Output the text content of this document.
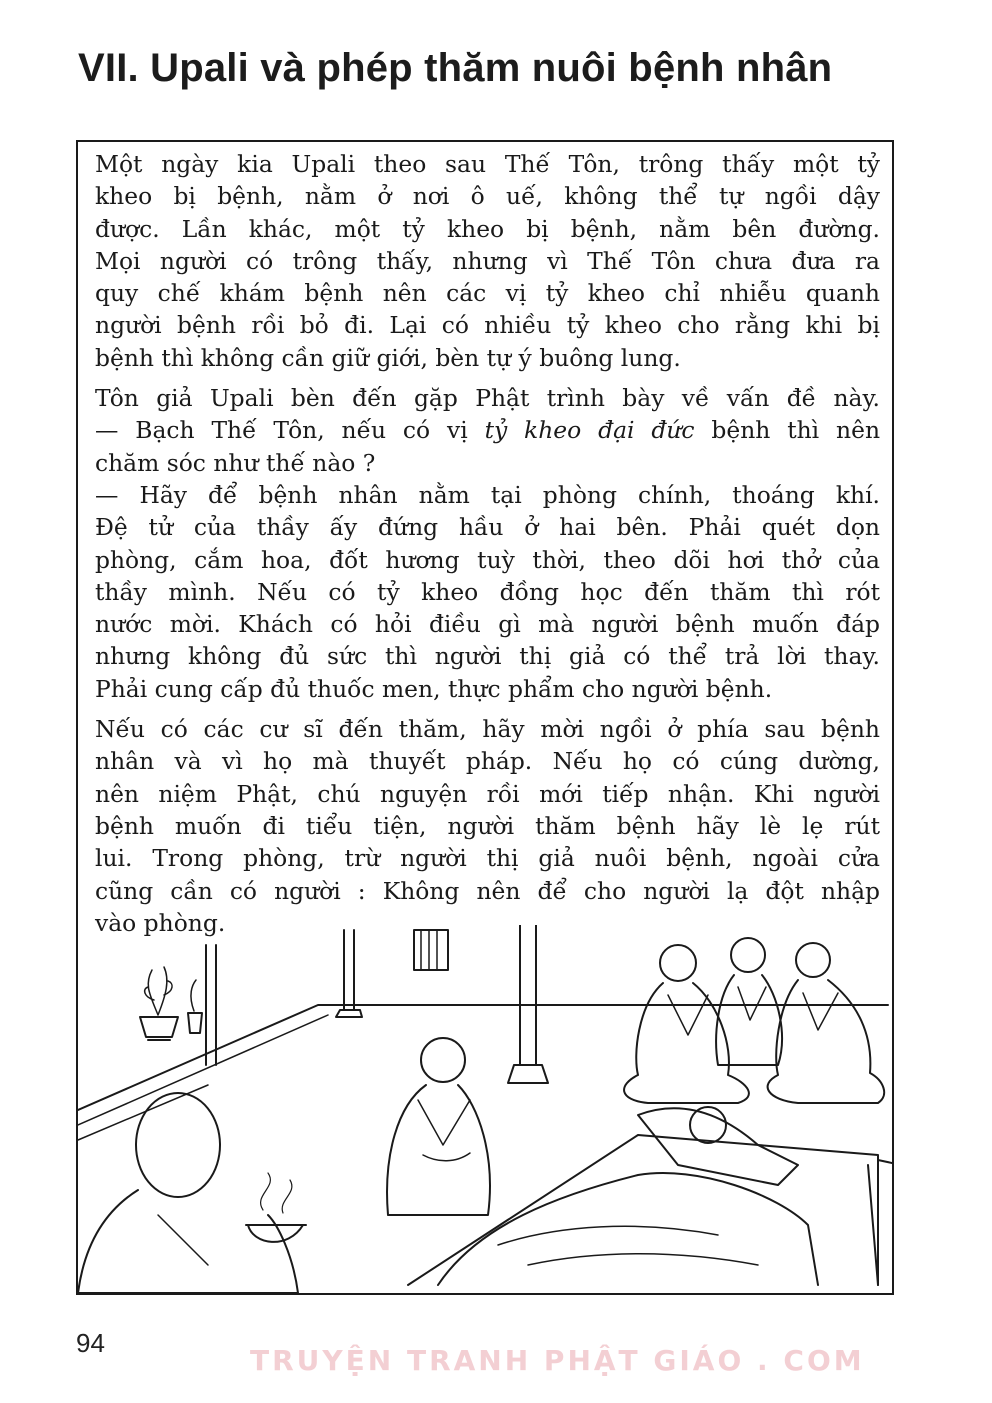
VII. Upali và phép thăm nuôi bệnh nhân
Một ngày kia Upali theo sau Thế Tôn, trông thấy một tỷ
kheo bị bệnh, nằm ở nơi ô uế, không thể tự ngồi dậy
được. Lần khác, một tỷ kheo bị bệnh, nằm bên đường.
Mọi người có trông thấy, nhưng vì Thế Tôn chưa đưa ra
quy chế khám bệnh nên các vị tỷ kheo chỉ nhiễu quanh
người bệnh rồi bỏ đi. Lại có nhiều tỷ kheo cho rằng khi bị
bệnh thì không cần giữ giới, bèn tự ý buông lung.
Tôn giả Upali bèn đến gặp Phật trình bày về vấn đề này.
— Bạch Thế Tôn, nếu có vị tỷ kheo đại đức bệnh thì nên
chăm sóc như thế nào ?
— Hãy để bệnh nhân nằm tại phòng chính, thoáng khí.
Đệ tử của thầy ấy đứng hầu ở hai bên. Phải quét dọn
phòng, cắm hoa, đốt hương tuỳ thời, theo dõi hơi thở của
thầy mình. Nếu có tỷ kheo đồng học đến thăm thì rót
nước mời. Khách có hỏi điều gì mà người bệnh muốn đáp
nhưng không đủ sức thì người thị giả có thể trả lời thay.
Phải cung cấp đủ thuốc men, thực phẩm cho người bệnh.
Nếu có các cư sĩ đến thăm, hãy mời ngồi ở phía sau bệnh
nhân và vì họ mà thuyết pháp. Nếu họ có cúng dường,
nên niệm Phật, chú nguyện rồi mới tiếp nhận. Khi người
bệnh muốn đi tiểu tiện, người thăm bệnh hãy lè lẹ rút
lui. Trong phòng, trừ người thị giả nuôi bệnh, ngoài cửa
cũng cần có người : Không nên để cho người lạ đột nhập
vào phòng.
94
TRUYỆN TRANH PHẬT GIÁO . COM
